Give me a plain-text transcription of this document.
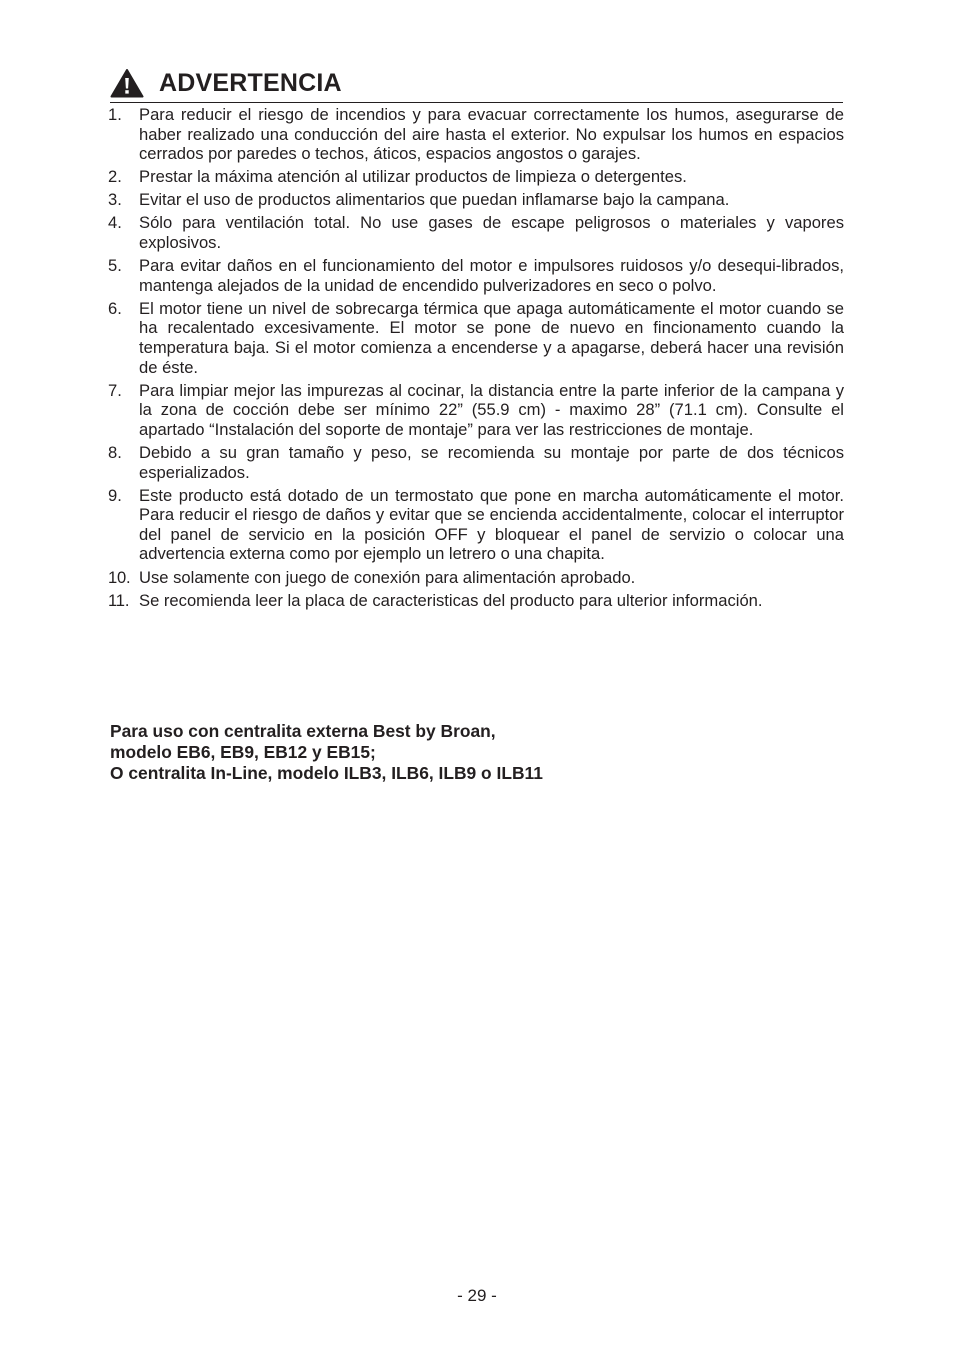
ADVERTENCIA
1. Para reducir el riesgo de incendios y para evacuar correctamente los humos, asegurarse de haber realizado una conducción del aire hasta el exterior. No expulsar los humos en espacios cerrados por paredes o techos, áticos, espacios angostos o garajes.
2. Prestar la máxima atención al utilizar productos de limpieza o detergentes.
3. Evitar el uso de productos alimentarios que puedan inflamarse bajo la campana.
4. Sólo para ventilación total. No use gases de escape peligrosos o materiales y vapores explosivos.
5. Para evitar daños en el funcionamiento del motor e impulsores ruidosos y/o desequi-librados, mantenga alejados de la unidad de encendido pulverizadores en seco o polvo.
6. El motor tiene un nivel de sobrecarga térmica que apaga automáticamente el motor cuando se ha recalentado excesivamente. El motor se pone de nuevo en fincionamento cuando la temperatura baja. Si el motor comienza a encenderse y a apagarse, deberá hacer una revisión de éste.
7. Para limpiar mejor las impurezas al cocinar, la distancia entre la parte inferior de la campana y la zona de cocción debe ser mínimo 22” (55.9 cm) - maximo 28” (71.1 cm). Consulte el apartado “Instalación del soporte de montaje” para ver las restricciones de montaje.
8. Debido a su gran tamaño y peso, se recomienda su montaje por parte de dos técnicos esperializados.
9. Este producto está dotado de un termostato que pone en marcha automáticamente el motor. Para reducir el riesgo de daños y evitar que se encienda accidentalmente, colocar el interruptor del panel de servicio en la posición OFF y bloquear el panel de servizio o colocar una advertencia externa como por ejemplo un letrero o una chapita.
10. Use solamente con juego de conexión para alimentación aprobado.
11. Se recomienda leer la placa de caracteristicas del producto para ulterior información.
Para uso con centralita externa Best by Broan,
modelo EB6, EB9, EB12 y EB15;
O centralita In-Line, modelo ILB3, ILB6, ILB9 o ILB11
- 29 -
